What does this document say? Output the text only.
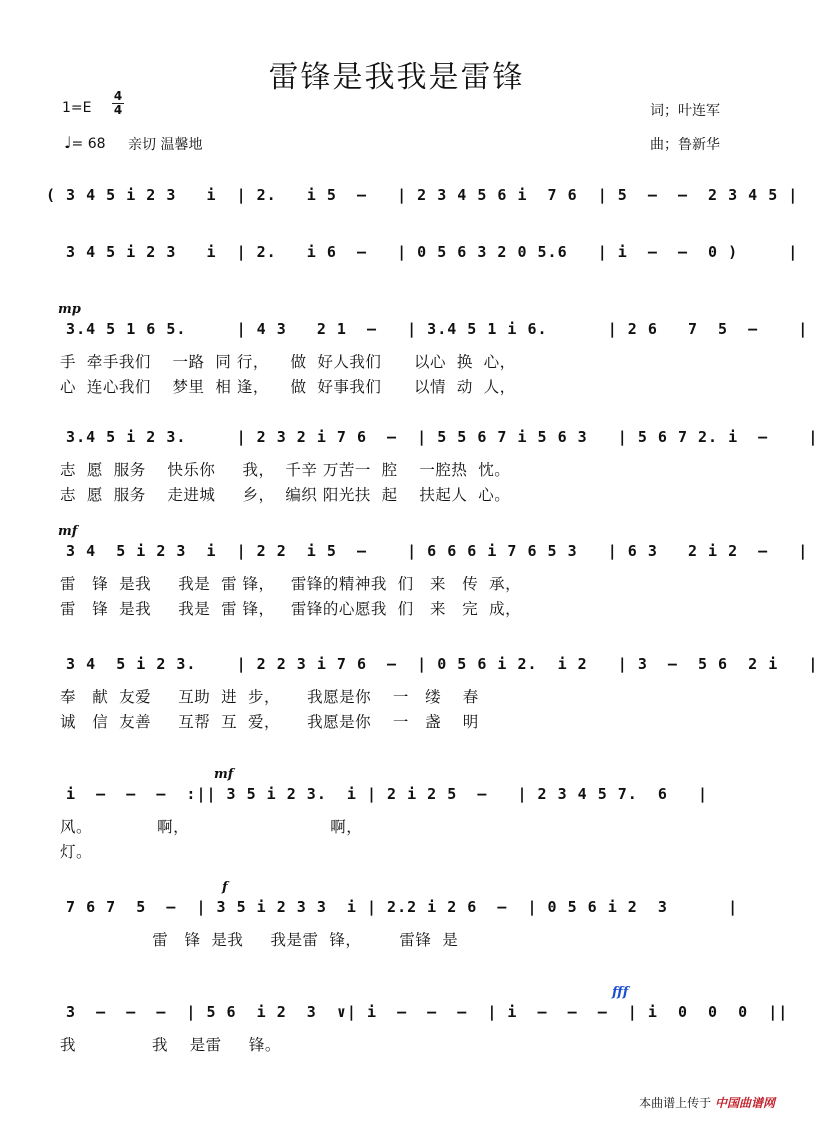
雷锋是我我是雷锋
1=E
4
4
♩= 68 亲切 温馨地
词；叶连军
曲；鲁新华
( 3 4 5 i 2 3   i  | 2.   i 5  –   | 2 3 4 5 6 i  7 6  | 5  –  –  2 3 4 5 |
3 4 5 i 2 3   i  | 2.   i 6  –   | 0 5 6 3 2 0 5.6   | i  –  –  0 )     |
3.4 5 1 6 5.     | 4 3   2 1  –   | 3.4 5 1 i 6.      | 2 6   7  5  –    |
mp
手  牵手我们    一路  同 行，    做  好人我们      以心  换  心，
心  连心我们    梦里  相 逢，    做  好事我们      以情  动  人，
3.4 5 i 2 3.     | 2 3 2 i 7 6  –  | 5 5 6 7 i 5 6 3   | 5 6 7 2. i  –    |
志  愿  服务    快乐你     我，  千辛 万苦一  腔    一腔热  忱。
志  愿  服务    走进城     乡，  编织 阳光扶  起    扶起人  心。
3 4  5 i 2 3  i  | 2 2  i 5  –    | 6 6 6 i 7 6 5 3   | 6 3   2 i 2  –   |
mf
雷   锋  是我     我是  雷 锋，   雷锋的精神我  们   来   传  承，
雷   锋  是我     我是  雷 锋，   雷锋的心愿我  们   来   完  成，
3 4  5 i 2 3.    | 2 2 3 i 7 6  –  | 0 5 6 i 2.  i 2   | 3  –  5 6  2 i   |
奉   献  友爱     互助  进  步，     我愿是你    一   缕    春
诚   信  友善     互帮  互  爱，     我愿是你    一   盏    明
i  –  –  –  :|| 3 5 i 2 3.  i | 2 i 2 5  –   | 2 3 4 5 7.  6   |
mf
风。            啊，                          啊，
灯。
7 6 7  5  –  | 3 5 i 2 3 3  i | 2.2 i 2 6  –  | 0 5 6 i 2  3      |
f
雷   锋  是我     我是雷  锋，       雷锋  是
3  –  –  –  | 5 6  i 2  3  ∨| i  –  –  –  | i  –  –  –  | i  0  0  0  ||
fff
我              我    是雷     锋。
本曲谱上传于 中国曲谱网
